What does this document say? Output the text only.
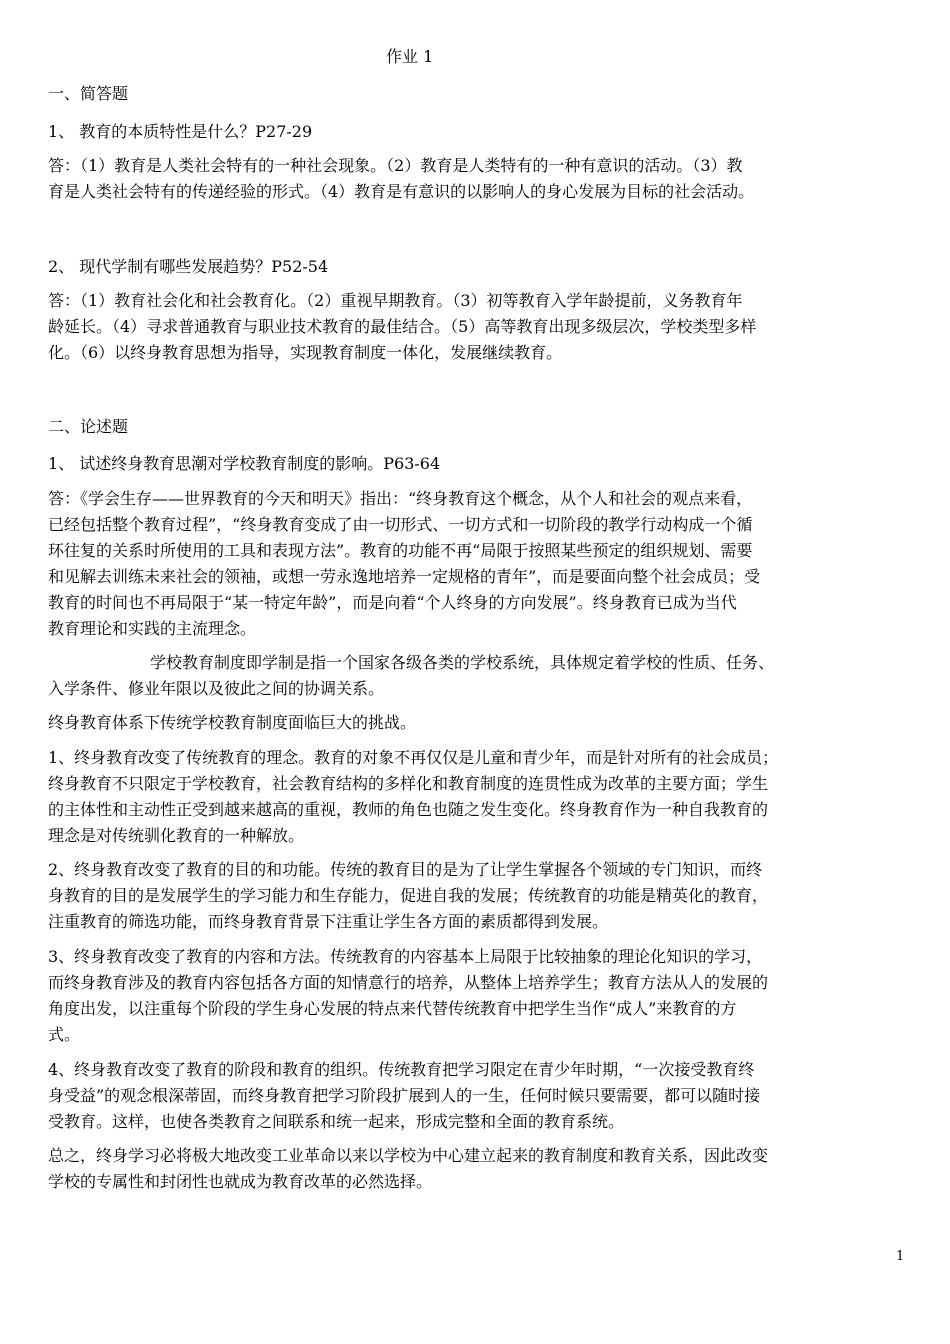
作业 1
一、简答题
1、 教育的本质特性是什么？P27-29
答：（1）教育是人类社会特有的一种社会现象。（2）教育是人类特有的一种有意识的活动。（3）教
育是人类社会特有的传递经验的形式。（4）教育是有意识的以影响人的身心发展为目标的社会活动。
2、 现代学制有哪些发展趋势？P52-54
答：（1）教育社会化和社会教育化。（2）重视早期教育。（3）初等教育入学年龄提前，义务教育年
龄延长。（4）寻求普通教育与职业技术教育的最佳结合。（5）高等教育出现多级层次，学校类型多样
化。（6）以终身教育思想为指导，实现教育制度一体化，发展继续教育。
二、论述题
1、 试述终身教育思潮对学校教育制度的影响。P63-64
答：《学会生存——世界教育的今天和明天》指出：“终身教育这个概念，从个人和社会的观点来看，
已经包括整个教育过程”，“终身教育变成了由一切形式、一切方式和一切阶段的教学行动构成一个循
环往复的关系时所使用的工具和表现方法”。教育的功能不再“局限于按照某些预定的组织规划、需要
和见解去训练未来社会的领袖，或想一劳永逸地培养一定规格的青年”，而是要面向整个社会成员；受
教育的时间也不再局限于“某一特定年龄”，而是向着“个人终身的方向发展”。终身教育已成为当代
教育理论和实践的主流理念。
学校教育制度即学制是指一个国家各级各类的学校系统，具体规定着学校的性质、任务、
入学条件、修业年限以及彼此之间的协调关系。
终身教育体系下传统学校教育制度面临巨大的挑战。
1、终身教育改变了传统教育的理念。教育的对象不再仅仅是儿童和青少年，而是针对所有的社会成员；
终身教育不只限定于学校教育，社会教育结构的多样化和教育制度的连贯性成为改革的主要方面；学生
的主体性和主动性正受到越来越高的重视，教师的角色也随之发生变化。终身教育作为一种自我教育的
理念是对传统驯化教育的一种解放。
2、终身教育改变了教育的目的和功能。传统的教育目的是为了让学生掌握各个领域的专门知识，而终
身教育的目的是发展学生的学习能力和生存能力，促进自我的发展；传统教育的功能是精英化的教育，
注重教育的筛选功能，而终身教育背景下注重让学生各方面的素质都得到发展。
3、终身教育改变了教育的内容和方法。传统教育的内容基本上局限于比较抽象的理论化知识的学习，
而终身教育涉及的教育内容包括各方面的知情意行的培养，从整体上培养学生；教育方法从人的发展的
角度出发，以注重每个阶段的学生身心发展的特点来代替传统教育中把学生当作“成人”来教育的方
式。
4、终身教育改变了教育的阶段和教育的组织。传统教育把学习限定在青少年时期，“一次接受教育终
身受益”的观念根深蒂固，而终身教育把学习阶段扩展到人的一生，任何时候只要需要，都可以随时接
受教育。这样，也使各类教育之间联系和统一起来，形成完整和全面的教育系统。
总之，终身学习必将极大地改变工业革命以来以学校为中心建立起来的教育制度和教育关系，因此改变
学校的专属性和封闭性也就成为教育改革的必然选择。
1
